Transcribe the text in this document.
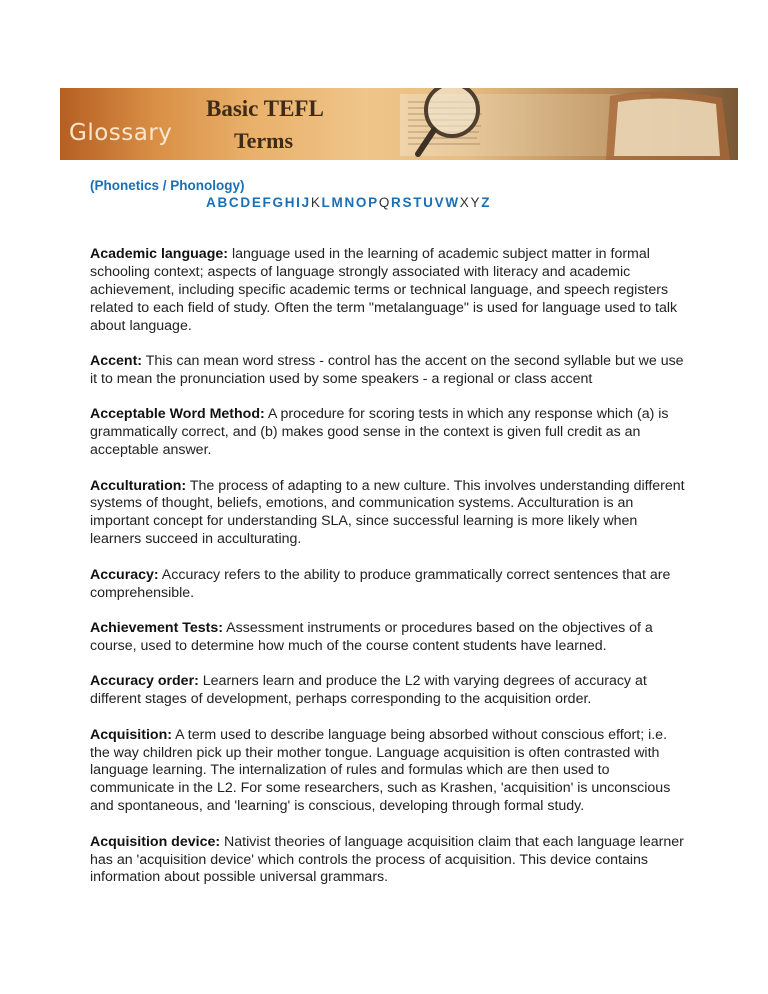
Glossary
Basic TEFL
Terms
(Phonetics / Phonology)
A B C D E F G H I J K L M N O P Q R S T U V W X Y Z
Academic language: language used in the learning of academic subject matter in formal schooling context; aspects of language strongly associated with literacy and academic achievement, including specific academic terms or technical language, and speech registers related to each field of study. Often the term "metalanguage" is used for language used to talk about language.
Accent: This can mean word stress - control has the accent on the second syllable but we use it to mean the pronunciation used by some speakers - a regional or class accent
Acceptable Word Method: A procedure for scoring tests in which any response which (a) is grammatically correct, and (b) makes good sense in the context is given full credit as an acceptable answer.
Acculturation: The process of adapting to a new culture. This involves understanding different systems of thought, beliefs, emotions, and communication systems. Acculturation is an important concept for understanding SLA, since successful learning is more likely when learners succeed in acculturating.
Accuracy: Accuracy refers to the ability to produce grammatically correct sentences that are comprehensible.
Achievement Tests: Assessment instruments or procedures based on the objectives of a course, used to determine how much of the course content students have learned.
Accuracy order: Learners learn and produce the L2 with varying degrees of accuracy at different stages of development, perhaps corresponding to the acquisition order.
Acquisition: A term used to describe language being absorbed without conscious effort; i.e. the way children pick up their mother tongue. Language acquisition is often contrasted with language learning. The internalization of rules and formulas which are then used to communicate in the L2. For some researchers, such as Krashen, 'acquisition' is unconscious and spontaneous, and 'learning' is conscious, developing through formal study.
Acquisition device: Nativist theories of language acquisition claim that each language learner has an 'acquisition device' which controls the process of acquisition. This device contains information about possible universal grammars.
